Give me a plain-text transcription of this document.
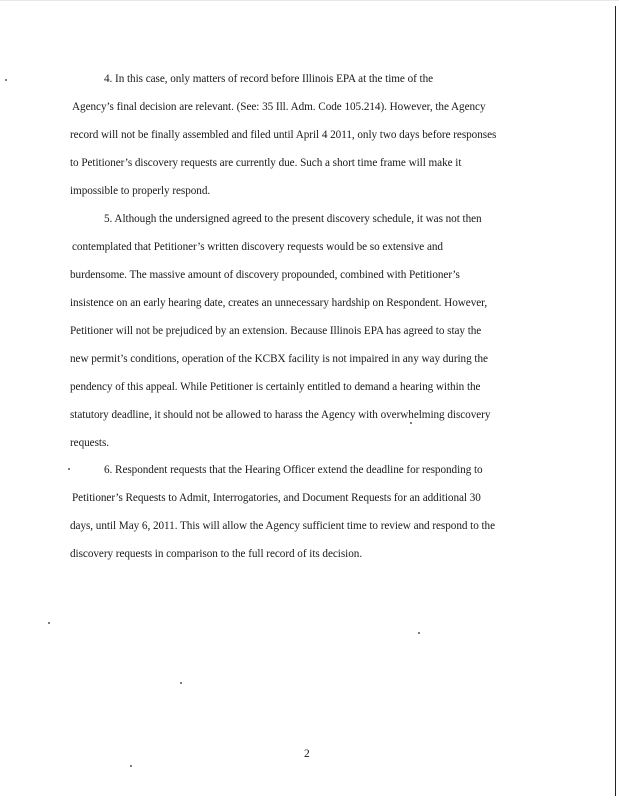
4. In this case, only matters of record before Illinois EPA at the time of the
Agency’s final decision are relevant. (See: 35 Ill. Adm. Code 105.214). However, the Agency
record will not be finally assembled and filed until April 4 2011, only two days before responses
to Petitioner’s discovery requests are currently due. Such a short time frame will make it
impossible to properly respond.
5. Although the undersigned agreed to the present discovery schedule, it was not then
contemplated that Petitioner’s written discovery requests would be so extensive and
burdensome. The massive amount of discovery propounded, combined with Petitioner’s
insistence on an early hearing date, creates an unnecessary hardship on Respondent. However,
Petitioner will not be prejudiced by an extension. Because Illinois EPA has agreed to stay the
new permit’s conditions, operation of the KCBX facility is not impaired in any way during the
pendency of this appeal. While Petitioner is certainly entitled to demand a hearing within the
statutory deadline, it should not be allowed to harass the Agency with overwhelming discovery
requests.
6. Respondent requests that the Hearing Officer extend the deadline for responding to
Petitioner’s Requests to Admit, Interrogatories, and Document Requests for an additional 30
days, until May 6, 2011. This will allow the Agency sufficient time to review and respond to the
discovery requests in comparison to the full record of its decision.
2
